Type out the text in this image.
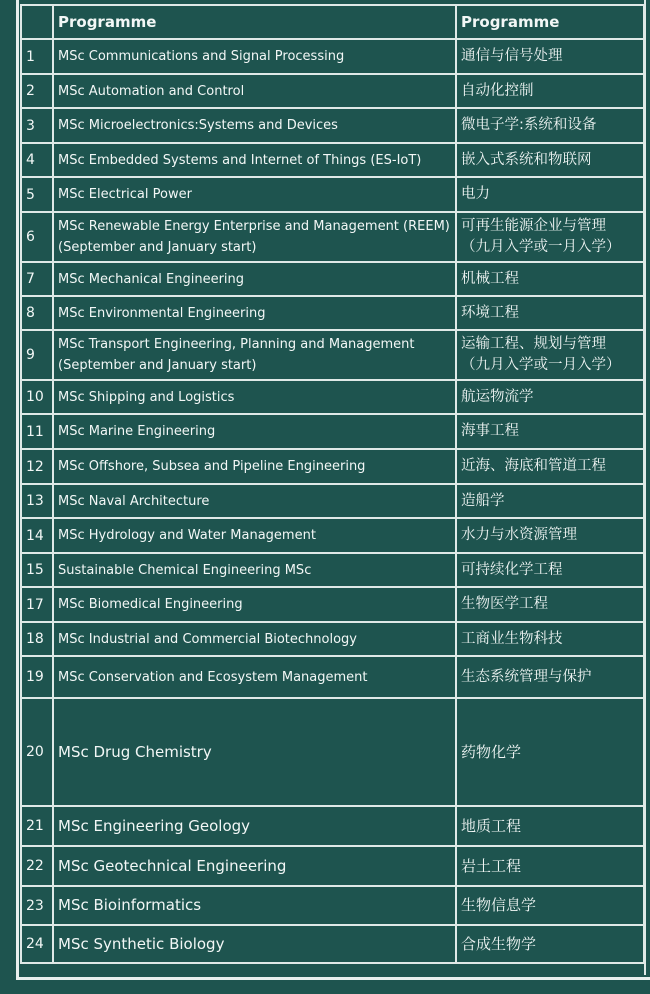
	Programme	Programme
1	MSc Communications and Signal Processing	通信与信号处理

2	MSc Automation and Control	自动化控制

3	MSc Microelectronics:Systems and Devices	微电子学:系统和设备

4	MSc Embedded Systems and Internet of Things (ES-IoT)	嵌入式系统和物联网

5	MSc Electrical Power	电力

6	MSc Renewable Energy Enterprise and Management (REEM)
(September and January start)	可再生能源企业与管理
（九月入学或一月入学）

7	MSc Mechanical Engineering	机械工程

8	MSc Environmental Engineering	环境工程

9	MSc Transport Engineering, Planning and Management
(September and January start)	运输工程、规划与管理
（九月入学或一月入学）

10	MSc Shipping and Logistics	航运物流学

11	MSc Marine Engineering	海事工程

12	MSc Offshore, Subsea and Pipeline Engineering	近海、海底和管道工程

13	MSc Naval Architecture	造船学

14	MSc Hydrology and Water Management	水力与水资源管理

15	Sustainable Chemical Engineering MSc	可持续化学工程

17	MSc Biomedical Engineering	生物医学工程

18	MSc Industrial and Commercial Biotechnology	工商业生物科技

19	MSc Conservation and Ecosystem Management	生态系统管理与保护

20	MSc Drug Chemistry	药物化学

21	MSc Engineering Geology	地质工程

22	MSc Geotechnical Engineering	岩土工程

23	MSc Bioinformatics	生物信息学

24	MSc Synthetic Biology	合成生物学
